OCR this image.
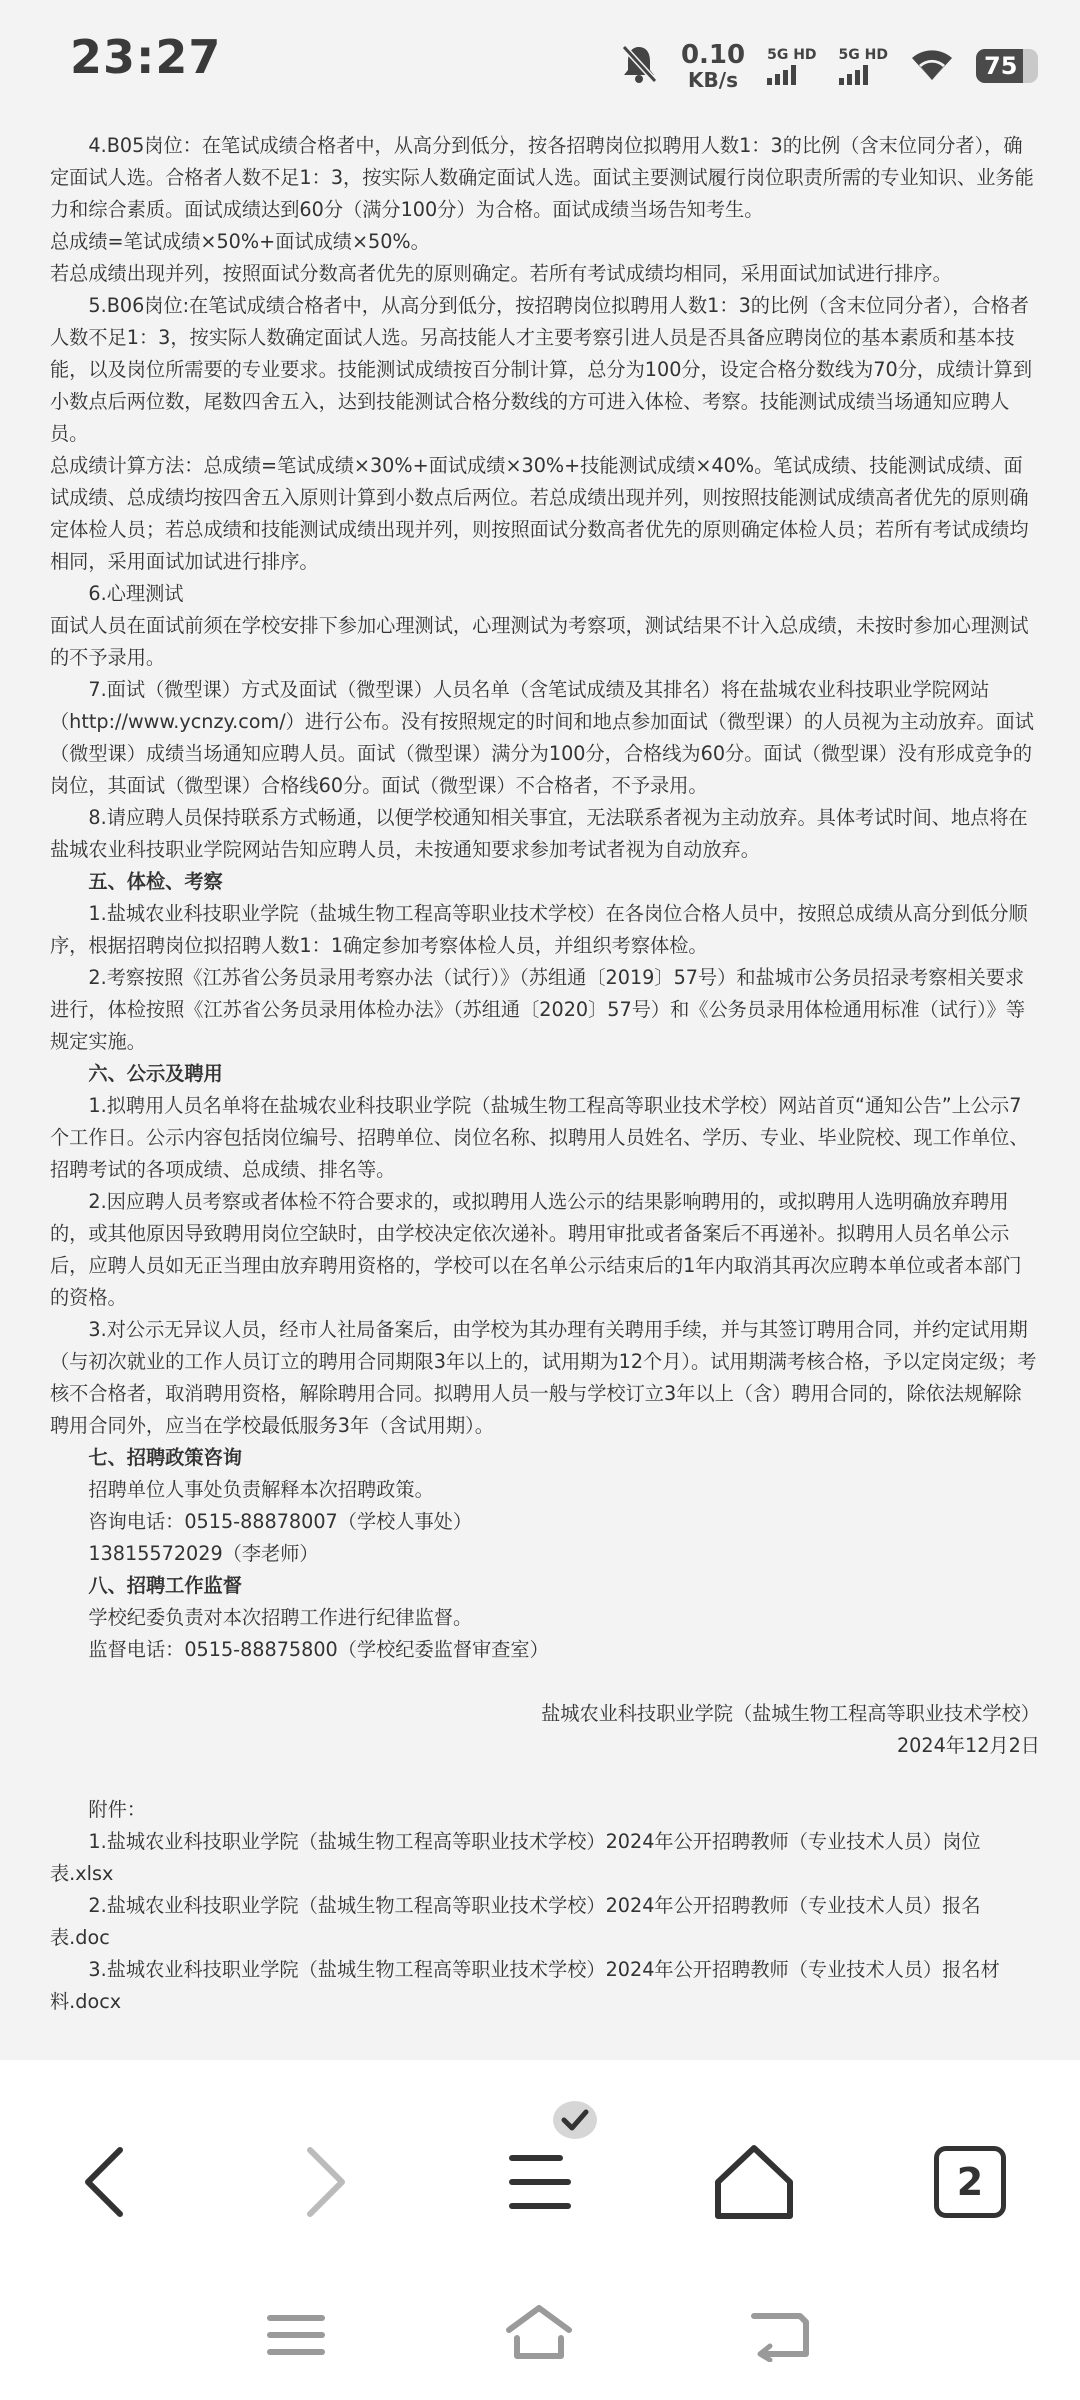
23:27	0.10
KB/s
5G HD 5G HD	75
4.B05岗位：在笔试成绩合格者中，从高分到低分，按各招聘岗位拟聘用人数1：3的比例（含末位同分者），确定面试人选。合格者人数不足1：3，按实际人数确定面试人选。面试主要测试履行岗位职责所需的专业知识、业务能力和综合素质。面试成绩达到60分（满分100分）为合格。面试成绩当场告知考生。
总成绩=笔试成绩×50%+面试成绩×50%。
若总成绩出现并列，按照面试分数高者优先的原则确定。若所有考试成绩均相同，采用面试加试进行排序。
5.B06岗位:在笔试成绩合格者中，从高分到低分，按招聘岗位拟聘用人数1：3的比例（含末位同分者），合格者人数不足1：3，按实际人数确定面试人选。另高技能人才主要考察引进人员是否具备应聘岗位的基本素质和基本技能，以及岗位所需要的专业要求。技能测试成绩按百分制计算，总分为100分，设定合格分数线为70分，成绩计算到小数点后两位数，尾数四舍五入，达到技能测试合格分数线的方可进入体检、考察。技能测试成绩当场通知应聘人员。
总成绩计算方法：总成绩=笔试成绩×30%+面试成绩×30%+技能测试成绩×40%。笔试成绩、技能测试成绩、面试成绩、总成绩均按四舍五入原则计算到小数点后两位。若总成绩出现并列，则按照技能测试成绩高者优先的原则确定体检人员；若总成绩和技能测试成绩出现并列，则按照面试分数高者优先的原则确定体检人员；若所有考试成绩均相同，采用面试加试进行排序。
6.心理测试
面试人员在面试前须在学校安排下参加心理测试，心理测试为考察项，测试结果不计入总成绩，未按时参加心理测试的不予录用。
7.面试（微型课）方式及面试（微型课）人员名单（含笔试成绩及其排名）将在盐城农业科技职业学院网站（http://www.ycnzy.com/）进行公布。没有按照规定的时间和地点参加面试（微型课）的人员视为主动放弃。面试（微型课）成绩当场通知应聘人员。面试（微型课）满分为100分，合格线为60分。面试（微型课）没有形成竞争的岗位，其面试（微型课）合格线60分。面试（微型课）不合格者，不予录用。
8.请应聘人员保持联系方式畅通，以便学校通知相关事宜，无法联系者视为主动放弃。具体考试时间、地点将在盐城农业科技职业学院网站告知应聘人员，未按通知要求参加考试者视为自动放弃。
五、体检、考察
1.盐城农业科技职业学院（盐城生物工程高等职业技术学校）在各岗位合格人员中，按照总成绩从高分到低分顺序，根据招聘岗位拟招聘人数1：1确定参加考察体检人员，并组织考察体检。
2.考察按照《江苏省公务员录用考察办法（试行）》（苏组通〔2019〕57号）和盐城市公务员招录考察相关要求进行，体检按照《江苏省公务员录用体检办法》（苏组通〔2020〕57号）和《公务员录用体检通用标准（试行）》等规定实施。
六、公示及聘用
1.拟聘用人员名单将在盐城农业科技职业学院（盐城生物工程高等职业技术学校）网站首页“通知公告”上公示7个工作日。公示内容包括岗位编号、招聘单位、岗位名称、拟聘用人员姓名、学历、专业、毕业院校、现工作单位、招聘考试的各项成绩、总成绩、排名等。
2.因应聘人员考察或者体检不符合要求的，或拟聘用人选公示的结果影响聘用的，或拟聘用人选明确放弃聘用的，或其他原因导致聘用岗位空缺时，由学校决定依次递补。聘用审批或者备案后不再递补。拟聘用人员名单公示后，应聘人员如无正当理由放弃聘用资格的，学校可以在名单公示结束后的1年内取消其再次应聘本单位或者本部门的资格。
3.对公示无异议人员，经市人社局备案后，由学校为其办理有关聘用手续，并与其签订聘用合同，并约定试用期（与初次就业的工作人员订立的聘用合同期限3年以上的，试用期为12个月）。试用期满考核合格，予以定岗定级；考核不合格者，取消聘用资格，解除聘用合同。拟聘用人员一般与学校订立3年以上（含）聘用合同的，除依法规解除聘用合同外，应当在学校最低服务3年（含试用期）。
七、招聘政策咨询
招聘单位人事处负责解释本次招聘政策。
咨询电话：0515-88878007（学校人事处）
13815572029（李老师）
八、招聘工作监督
学校纪委负责对本次招聘工作进行纪律监督。
监督电话：0515-88875800（学校纪委监督审查室）
盐城农业科技职业学院（盐城生物工程高等职业技术学校）
2024年12月2日
附件：
1.盐城农业科技职业学院（盐城生物工程高等职业技术学校）2024年公开招聘教师（专业技术人员）岗位表.xlsx
2.盐城农业科技职业学院（盐城生物工程高等职业技术学校）2024年公开招聘教师（专业技术人员）报名表.doc
3.盐城农业科技职业学院（盐城生物工程高等职业技术学校）2024年公开招聘教师（专业技术人员）报名材料.docx
2
